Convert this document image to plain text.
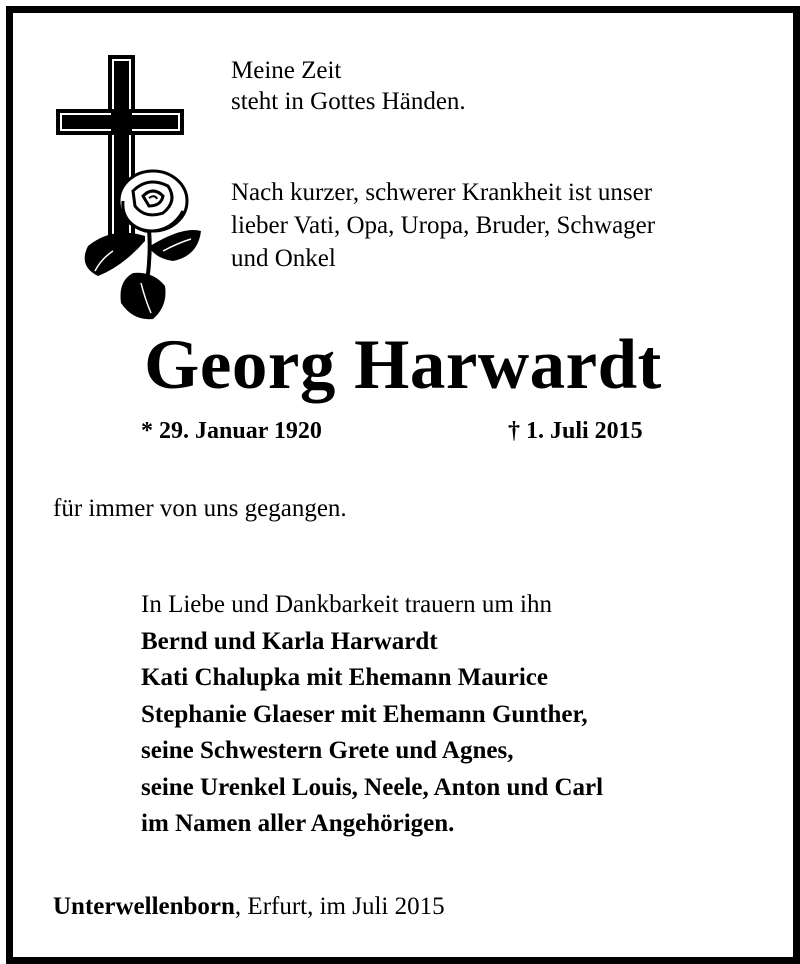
Meine Zeit
steht in Gottes Händen.
Nach kurzer, schwerer Krankheit ist unser
lieber Vati, Opa, Uropa, Bruder, Schwager
und Onkel
Georg Harwardt
* 29. Januar 1920	† 1. Juli 2015
für immer von uns gegangen.
In Liebe und Dankbarkeit trauern um ihn
Bernd und Karla Harwardt
Kati Chalupka mit Ehemann Maurice
Stephanie Glaeser mit Ehemann Gunther,
seine Schwestern Grete und Agnes,
seine Urenkel Louis, Neele, Anton und Carl
im Namen aller Angehörigen.
Unterwellenborn, Erfurt, im Juli 2015
